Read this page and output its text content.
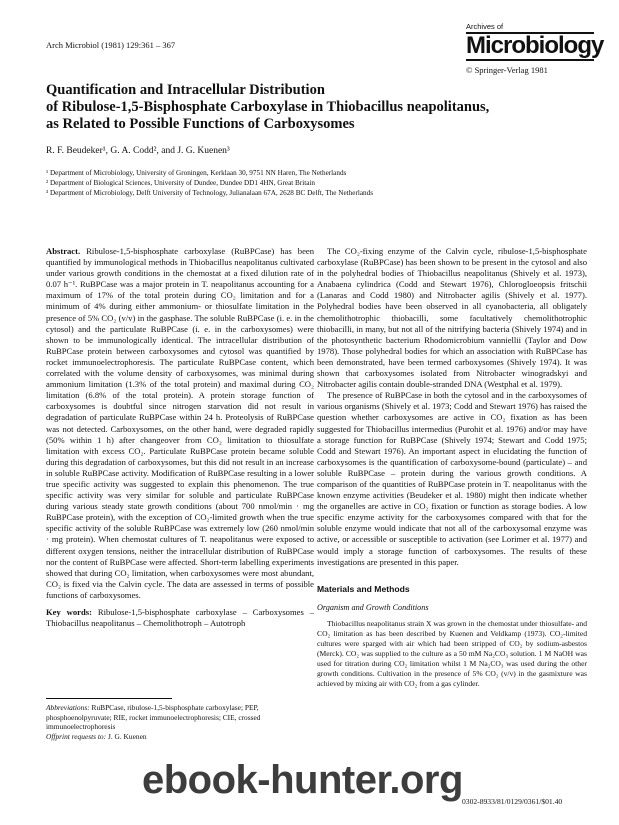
Arch Microbiol (1981) 129:361 – 367
Archives of
Microbiology
© Springer-Verlag 1981
Quantification and Intracellular Distribution
of Ribulose-1,5-Bisphosphate Carboxylase in Thiobacillus neapolitanus,
as Related to Possible Functions of Carboxysomes
R. F. Beudeker¹, G. A. Codd², and J. G. Kuenen³
¹ Department of Microbiology, University of Groningen, Kerklaan 30, 9751 NN Haren, The Netherlands
² Department of Biological Sciences, University of Dundee, Dundee DD1 4HN, Great Britain
³ Department of Microbiology, Delft University of Technology, Julianalaan 67A, 2628 BC Delft, The Netherlands

Abstract. Ribulose-1,5-bisphosphate carboxylase (RuBPCase) has been quantified by immunological methods in Thiobacillus neapolitanus cultivated under various growth conditions in the chemostat at a fixed dilution rate of 0.07 h⁻¹. RuBPCase was a major protein in T. neapolitanus accounting for a maximum of 17% of the total protein during CO₂ limitation and for a minimum of 4% during either ammonium- or thiosulfate limitation in the presence of 5% CO₂ (v/v) in the gasphase. The soluble RuBPCase (i. e. in the cytosol) and the particulate RuBPCase (i. e. in the carboxysomes) were shown to be immunologically identical. The intracellular distribution of RuBPCase protein between carboxysomes and cytosol was quantified by rocket immunoelectrophoresis. The particulate RuBPCase content, which correlated with the volume density of carboxysomes, was minimal during ammonium limitation (1.3% of the total protein) and maximal during CO₂ limitation (6.8% of the total protein). A protein storage function of carboxysomes is doubtful since nitrogen starvation did not result in degradation of particulate RuBPCase within 24 h. Proteolysis of RuBPCase was not detected. Carboxysomes, on the other hand, were degraded rapidly (50% within 1 h) after changeover from CO₂ limitation to thiosulfate limitation with excess CO₂. Particulate RuBPCase protein became soluble during this degradation of carboxysomes, but this did not result in an increase in soluble RuBPCase activity. Modification of RuBPCase resulting in a lower true specific activity was suggested to explain this phenomenon. The true specific activity was very similar for soluble and particulate RuBPCase during various steady state growth conditions (about 700 nmol/min · mg RuBPCase protein), with the exception of CO₂-limited growth when the true specific activity of the soluble RuBPCase was extremely low (260 nmol/min · mg protein). When chemostat cultures of T. neapolitanus were exposed to different oxygen tensions, neither the intracellular distribution of RuBPCase nor the content of RuBPCase were affected. Short-term labelling experiments showed that during CO₂ limitation, when carboxysomes were most abundant, CO₂ is fixed via the Calvin cycle. The data are assessed in terms of possible functions of carboxysomes.

Key words: Ribulose-1,5-bisphosphate carboxylase – Carboxysomes – Thiobacillus neapolitanus – Chemolithotroph – Autotroph

Abbreviations: RuBPCase, ribulose-1,5-bisphosphate carboxylase; PEP, phosphoenolpyruvate; RIE, rocket immunoelectrophoresis; CIE, crossed immunoelectrophoresis

Offprint requests to: J. G. Kuenen

The CO₂-fixing enzyme of the Calvin cycle, ribulose-1,5-bisphosphate carboxylase (RuBPCase) has been shown to be present in the cytosol and also in the polyhedral bodies of Thiobacillus neapolitanus (Shively et al. 1973), Anabaena cylindrica (Codd and Stewart 1976), Chlorogloeopsis fritschii (Lanaras and Codd 1980) and Nitrobacter agilis (Shively et al. 1977). Polyhedral bodies have been observed in all cyanobacteria, all obligately chemolithotrophic thiobacilli, some facultatively chemolithotrophic thiobacilli, in many, but not all of the nitrifying bacteria (Shively 1974) and in the photosynthetic bacterium Rhodomicrobium vanniellii (Taylor and Dow 1978). Those polyhedral bodies for which an association with RuBPCase has been demonstrated, have been termed carboxysomes (Shively 1974). It was shown that carboxysomes isolated from Nitrobacter winogradskyi and Nitrobacter agilis contain double-stranded DNA (Westphal et al. 1979).

The presence of RuBPCase in both the cytosol and in the carboxysomes of various organisms (Shively et al. 1973; Codd and Stewart 1976) has raised the question whether carboxysomes are active in CO₂ fixation as has been suggested for Thiobacillus intermedius (Purohit et al. 1976) and/or may have a storage function for RuBPCase (Shively 1974; Stewart and Codd 1975; Codd and Stewart 1976). An important aspect in elucidating the function of carboxysomes is the quantification of carboxysome-bound (particulate) – and soluble RuBPCase – protein during the various growth conditions. A comparison of the quantities of RuBPCase protein in T. neapolitanus with the known enzyme activities (Beudeker et al. 1980) might then indicate whether the organelles are active in CO₂ fixation or function as storage bodies. A low specific enzyme activity for the carboxysomes compared with that for the soluble enzyme would indicate that not all of the carboxysomal enzyme was active, or accessible or susceptible to activation (see Lorimer et al. 1977) and would imply a storage function of carboxysomes. The results of these investigations are presented in this paper.

Materials and Methods

Organism and Growth Conditions

Thiobacillus neapolitanus strain X was grown in the chemostat under thiosulfate- and CO₂ limitation as has been described by Kuenen and Veldkamp (1973). CO₂-limited cultures were sparged with air which had been stripped of CO₂ by sodium-asbestos (Merck). CO₂ was supplied to the culture as a 50 mM Na₂CO₃ solution. 1 M NaOH was used for titration during CO₂ limitation whilst 1 M Na₂CO₃ was used during the other growth conditions. Cultivation in the presence of 5% CO₂ (v/v) in the gasmixture was achieved by mixing air with CO₂ from a gas cylinder.

0302-8933/81/0129/0361/$01.40
ebook-hunter.org
